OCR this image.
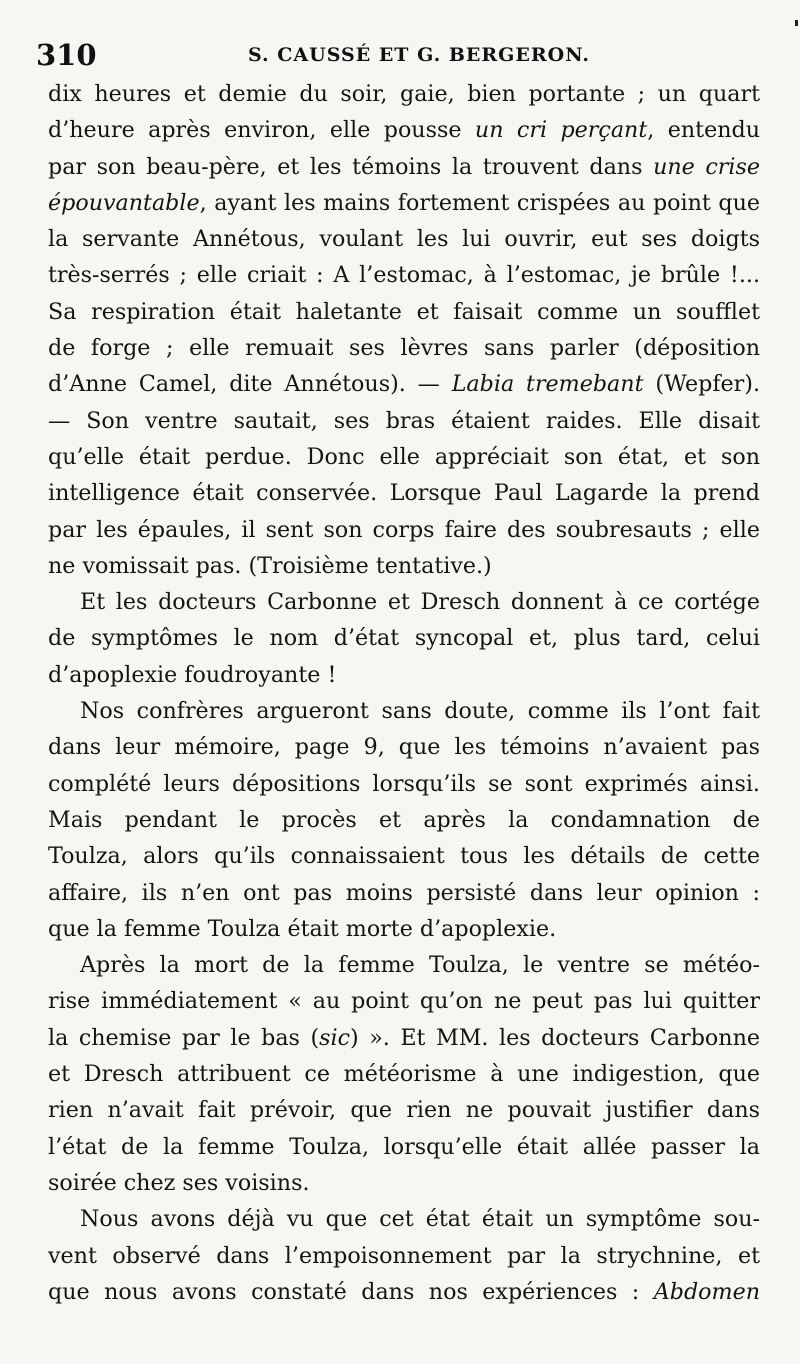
310	S. CAUSSÉ ET G. BERGERON.
dix heures et demie du soir, gaie, bien portante ; un quart
d’heure après environ, elle pousse un cri perçant, entendu
par son beau-père, et les témoins la trouvent dans une crise
épouvantable, ayant les mains fortement crispées au point que
la servante Annétous, voulant les lui ouvrir, eut ses doigts
très-serrés ; elle criait : A l’estomac, à l’estomac, je brûle !...
Sa respiration était haletante et faisait comme un soufflet
de forge ; elle remuait ses lèvres sans parler (déposition
d’Anne Camel, dite Annétous). — Labia tremebant (Wepfer).
— Son ventre sautait, ses bras étaient raides. Elle disait
qu’elle était perdue. Donc elle appréciait son état, et son
intelligence était conservée. Lorsque Paul Lagarde la prend
par les épaules, il sent son corps faire des soubresauts ; elle
ne vomissait pas. (Troisième tentative.)
Et les docteurs Carbonne et Dresch donnent à ce cortége
de symptômes le nom d’état syncopal et, plus tard, celui
d’apoplexie foudroyante !
Nos confrères argueront sans doute, comme ils l’ont fait
dans leur mémoire, page 9, que les témoins n’avaient pas
complété leurs dépositions lorsqu’ils se sont exprimés ainsi.
Mais pendant le procès et après la condamnation de
Toulza, alors qu’ils connaissaient tous les détails de cette
affaire, ils n’en ont pas moins persisté dans leur opinion :
que la femme Toulza était morte d’apoplexie.
Après la mort de la femme Toulza, le ventre se météo-
rise immédiatement « au point qu’on ne peut pas lui quitter
la chemise par le bas (sic) ». Et MM. les docteurs Carbonne
et Dresch attribuent ce météorisme à une indigestion, que
rien n’avait fait prévoir, que rien ne pouvait justifier dans
l’état de la femme Toulza, lorsqu’elle était allée passer la
soirée chez ses voisins.
Nous avons déjà vu que cet état était un symptôme sou-
vent observé dans l’empoisonnement par la strychnine, et
que nous avons constaté dans nos expériences : Abdomen
